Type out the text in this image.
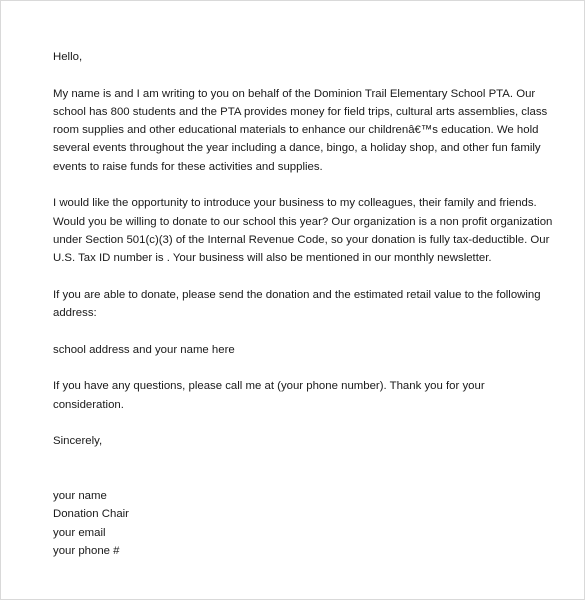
Hello,

My name is and I am writing to you on behalf of the Dominion Trail Elementary School PTA. Our school has 800 students and the PTA provides money for field trips, cultural arts assemblies, class room supplies and other educational materials to enhance our childrenâ€™s education. We hold several events throughout the year including a dance, bingo, a holiday shop, and other fun family events to raise funds for these activities and supplies.

I would like the opportunity to introduce your business to my colleagues, their family and friends. Would you be willing to donate to our school this year? Our organization is a non profit organization under Section 501(c)(3) of the Internal Revenue Code, so your donation is fully tax-deductible. Our U.S. Tax ID number is . Your business will also be mentioned in our monthly newsletter.

If you are able to donate, please send the donation and the estimated retail value to the following address:

school address and your name here

If you have any questions, please call me at (your phone number). Thank you for your consideration.

Sincerely,

your name

Donation Chair

your email

your phone #
